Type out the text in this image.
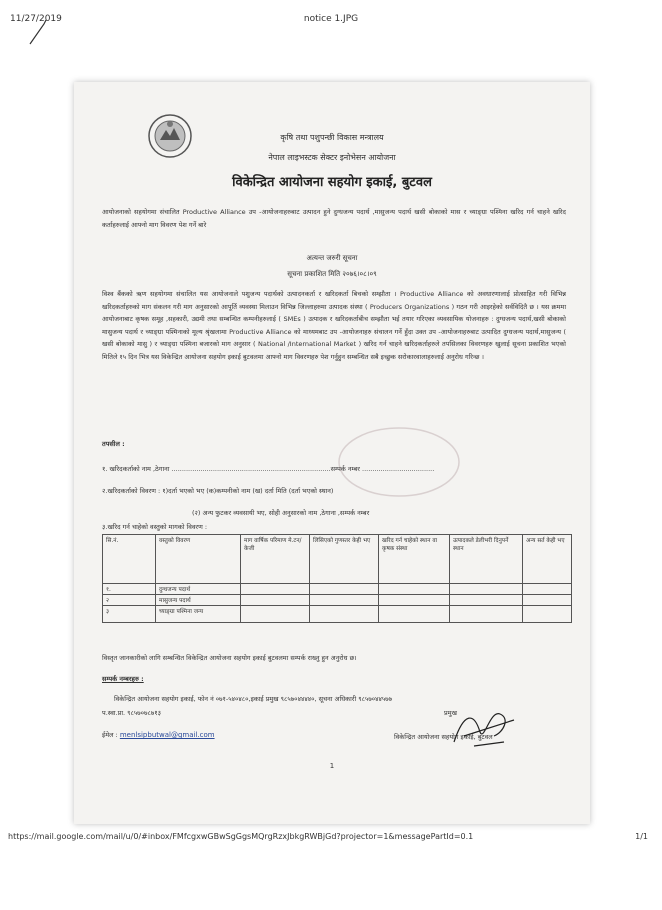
11/27/2019	notice 1.JPG
कृषि तथा पशुपन्छी विकास मन्त्रालय
नेपाल लाइभस्टक सेक्टर इनोभेसन आयोजना
विकेन्द्रित आयोजना सहयोग इकाई, बुटवल
आयोजनाको सहयोगमा संचालित Productive Alliance उप -आयोजनाहरुबाट उत्पादन हुने दुग्धजन्य पदार्थ ,मासुजन्य पदार्थ खसी बोकाको मास र च्याङ्ग्रा पश्मिना खरिद गर्न चाहने खरिद कर्ताहरुलाई आफ्नो माग विवरण पेश गर्ने बारे
अत्यन्त जरुरी सूचना
सूचना प्रकाशित मिति २०७६।०८।०९
विश्व बैंकको ऋण सहयोगमा संचालित यस आयोजनाले पशुजन्य पदार्थको उत्पादनकर्ता र खरिदकर्ता बिचको सम्झौता । Productive Alliance को अवधारणालाई प्रोत्साहित गरी विभिन्न खरिदकर्ताहरुको माग संकलन गरी माग अनुसारको आपूर्ति व्यवस्था मिलाउन विभिन्न जिल्लाहरुमा उत्पादक संस्था ( Producers Organizations ) गठन गरी आइरहेको सर्वविदितै छ । यस क्रममा आयोजनाबाट कृषक समूह ,सहकारी, उद्यमी तथा सम्बन्धित कम्पनीहरुलाई ( SMEs ) उत्पादक र खरिदकर्ताबीच सम्झौता भई तयार गरिएका व्यवसायिक योजनाहरु : दुग्धजन्य पदार्थ,खसी बोकाको मासुजन्य पदार्थ र च्याङ्ग्रा पश्मिनाको मूल्य श्रृंखलामा Productive Alliance को माध्यमबाट उप -आयोजनाहरु संचालन गर्ने हुँदा उक्त उप -आयोजनाहरुबाट उत्पादित दुग्धजन्य पदार्थ,मासुजन्य ( खसी बोकाको मासु ) र च्याङ्ग्रा पश्मिना बजारको माग अनुसार ( National /International Market ) खरिद गर्न चाहने खरिदकर्ताहरुले तपसिलका विवरणहरु खुलाई सूचना प्रकाशित भएको मितिले १५ दिन भित्र यस विकेन्द्रित आयोजना सहयोग इकाई बुटवलमा आफ्नो माग विवरणहरु पेश गर्नुहुन सम्बन्धित सबै इच्छुक सरोकारवालाहरुलाई अनुरोध गरिन्छ ।
तपसील :
१. खरिदकर्ताको नाम ,ठेगाना .............................................................................सम्पर्क नम्बर ...................................
२.खरिदकर्ताको विवरण : १)दर्ता भएको भए (क)कम्पनीको नाम (ख) दर्ता मिति (दर्ता भएको स्थान)
(२) अन्य फुटकर व्यवसायी भए, सोही अनुसारको नाम ,ठेगाना ,सम्पर्क नम्बर
३.खरिद गर्न चाहेको वस्तुको मागको विवरण :
सि.नं.	वस्तुको विवरण	माग वार्षिक परिमाण मे.टन/केजी	लिसिएको गुणस्तर केही भए	खरिद गर्न चाहेको स्थान वा कृषक संस्था	उत्पादकले डेलीभरी दिनुपर्ने स्थान	अन्य सर्त केही भए
१.	दुग्धजन्य पदार्थ					
२	मासुजन्य पदार्थ					
३	च्याङ्ग्रा पश्मिना जन्य					
विस्तृत जानकारीको लागि सम्बन्धित विकेन्द्रित आयोजना सहयोग इकाई बुटवलमा सम्पर्क राख्नु हुन अनुरोध छ।
सम्पर्क नम्बरहरु :
विकेन्द्रित आयोजना सहयोग इकाई, फोन नं ०७१-५४०४८०,इकाई प्रमुख ९८५७०४४४४०, सूचना अधिकारी ९८५७०४४५७७
प.स्वा.प्रा. ९८५७०७८७१३	प्रमुख
ईमेल : menlsipbutwal@gmail.com	विकेन्द्रित आयोजना सहयोग इकाई, बुटवल
1
https://mail.google.com/mail/u/0/#inbox/FMfcgxwGBwSgGgsMQrgRzxJbkgRWBjGd?projector=1&messagePartId=0.1	1/1
